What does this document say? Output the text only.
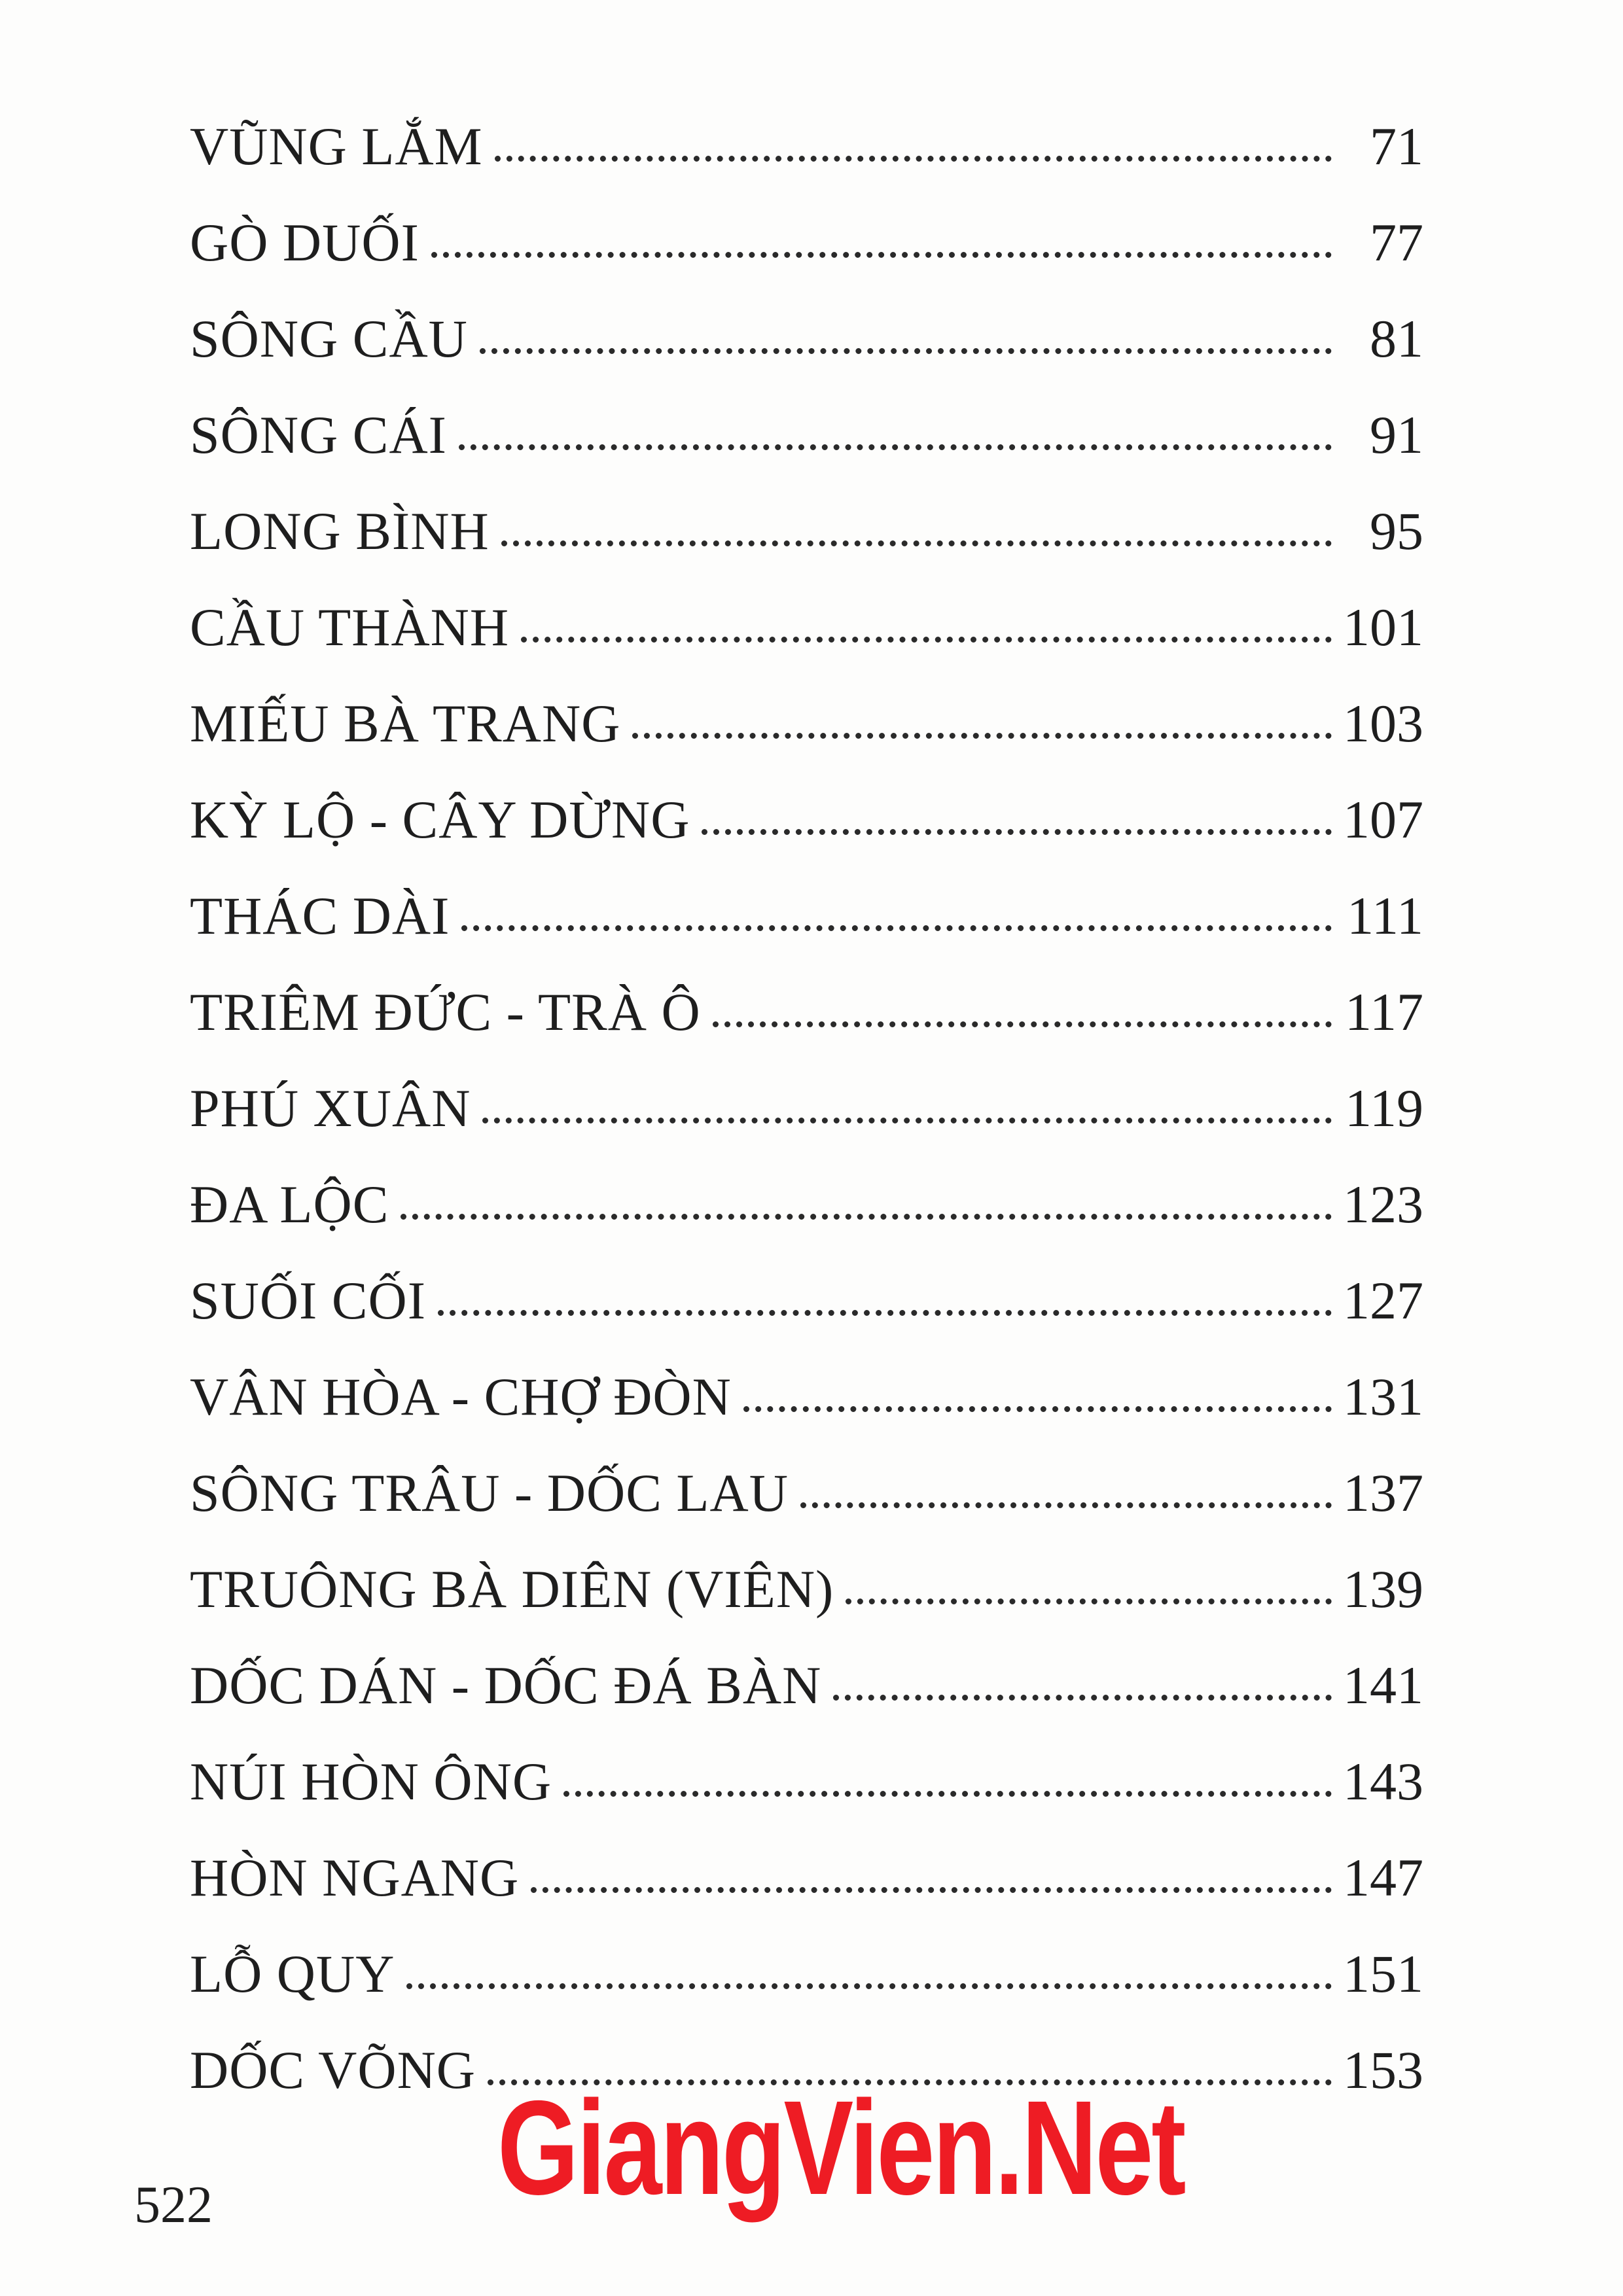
VŨNG LẮM	71
GÒ DUỐI	77
SÔNG CẦU	81
SÔNG CÁI	91
LONG BÌNH	95
CẦU THÀNH	101
MIẾU BÀ TRANG	103
KỲ LỘ - CÂY DỪNG	107
THÁC DÀI	111
TRIÊM ĐỨC - TRÀ Ô	117
PHÚ XUÂN	119
ĐA LỘC	123
SUỐI CỐI	127
VÂN HÒA - CHỢ ĐÒN	131
SÔNG TRÂU - DỐC LAU	137
TRUÔNG BÀ DIÊN (VIÊN)	139
DỐC DÁN - DỐC ĐÁ BÀN	141
NÚI HÒN ÔNG	143
HÒN NGANG	147
LỖ QUY	151
DỐC VÕNG	153
522 GiangVien.Net
